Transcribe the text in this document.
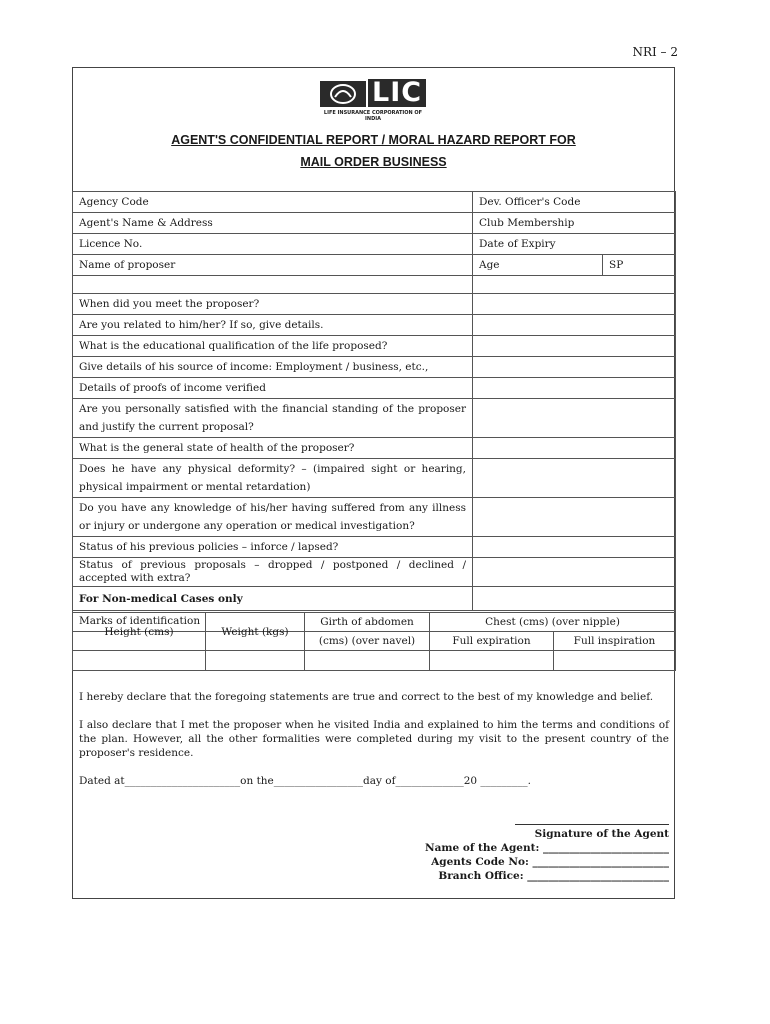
NRI – 2
LIC
LIFE INSURANCE CORPORATION OF INDIA
AGENT'S CONFIDENTIAL REPORT / MORAL HAZARD REPORT FOR
MAIL ORDER BUSINESS
Agency Code	Dev. Officer's Code	
Agent's Name & Address	Club Membership	
Licence No.	Date of Expiry	
Name of proposer	Age	SP

When did you meet the proposer?		
Are you related to him/her? If so, give details.		
What is the educational qualification of the life proposed?		
Give details of his source of income: Employment / business, etc.,		
Details of proofs of income verified		
Are you personally satisfied with the financial standing of the proposer and justify the current proposal?		
What is the general state of health of the proposer?		
Does he have any physical deformity? – (impaired sight or hearing, physical impairment or mental retardation)		
Do you have any knowledge of his/her having suffered from any illness or injury or undergone any operation or medical investigation?		
Status of his previous policies – inforce / lapsed?		
Status of previous proposals – dropped / postponed / declined / accepted with extra?		
For Non-medical Cases only		
Marks of identification		
Height (cms)	Weight (kgs)	Girth of abdomen	Chest (cms) (over nipple)	
		(cms) (over navel)	Full expiration	Full inspiration

I hereby declare that the foregoing statements are true and correct to the best of my knowledge and belief.
I also declare that I met the proposer when he visited India and explained to him the terms and conditions of the plan. However, all the other formalities were completed during my visit to the present country of the proposer's residence.
Dated at______________________on the_________________day of_____________20 _________.
Signature of the Agent
Name of the Agent: ________________________
Agents Code No: __________________________
Branch Office: ___________________________
